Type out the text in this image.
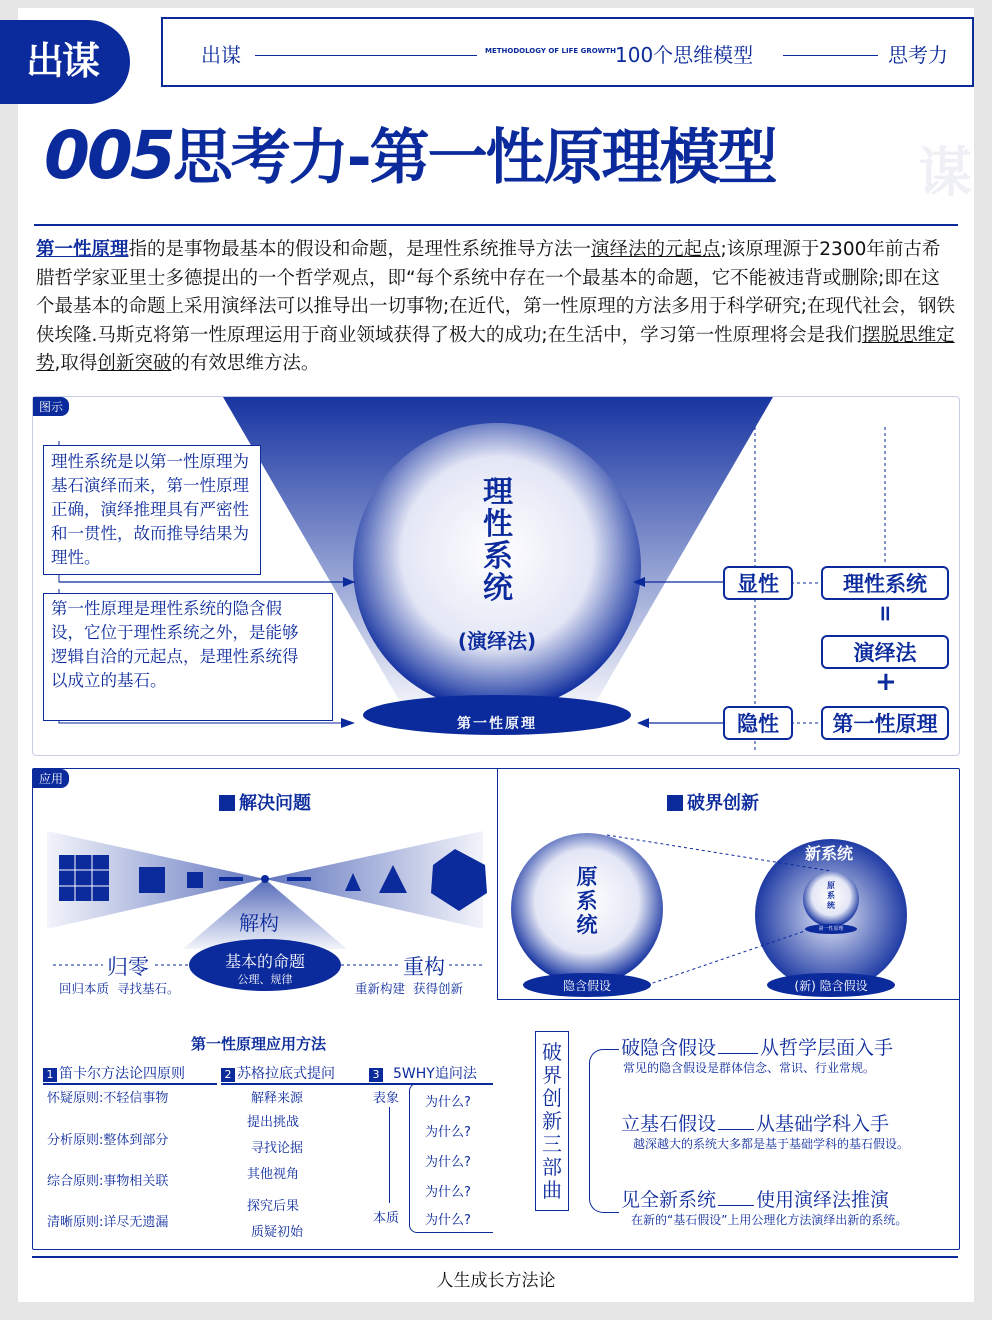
出谋	出谋	METHODOLOGY OF LIFE GROWTH
100个思维模型	思考力
005思考力-第一性原理模型	谋
第一性原理指的是事物最基本的假设和命题，是理性系统推导方法一演绎法的元起点;该原理源于2300年前古希腊哲学家亚里士多德提出的一个哲学观点，即“每个系统中存在一个最基本的命题，它不能被违背或删除;即在这个最基本的命题上采用演绎法可以推导出一切事物;在近代，第一性原理的方法多用于科学研究;在现代社会，钢铁侠埃隆.马斯克将第一性原理运用于商业领域获得了极大的成功;在生活中，学习第一性原理将会是我们摆脱思维定势,取得创新突破的有效思维方法。
图示
理性系统是以第一性原理为基石演绎而来，第一性原理正确，演绎推理具有严密性和一贯性，故而推导结果为理性。
第一性原理是理性系统的隐含假设，它位于理性系统之外，是能够逻辑自洽的元起点，是理性系统得以成立的基石。
理性系统
(演绎法)
第一性原理
显性
隐性
理性系统
=
演绎法
+
第一性原理
应用
解决问题
解构
基本的命题
公理、规律
归零
回归本质  寻找基石。
重构
重新构建  获得创新
第一性原理应用方法
1 笛卡尔方法论四原则
怀疑原则:不轻信事物
分析原则:整体到部分
综合原则:事物相关联
清晰原则:详尽无遗漏
2 苏格拉底式提问
解释来源
提出挑战
寻找论据
其他视角
探究后果
质疑初始
3 5WHY追问法
表象
本质
为什么?
为什么?
为什么?
为什么?
为什么?
破界创新
原系统
隐含假设
新系统
原系统
第一性原理
(新) 隐含假设
破界创新三部曲
破隐含假设 从哲学层面入手
常见的隐含假设是群体信念、常识、行业常规。
立基石假设 从基础学科入手
越深越大的系统大多都是基于基础学科的基石假设。
见全新系统 使用演绎法推演
在新的“基石假设”上用公理化方法演绎出新的系统。
人生成长方法论
